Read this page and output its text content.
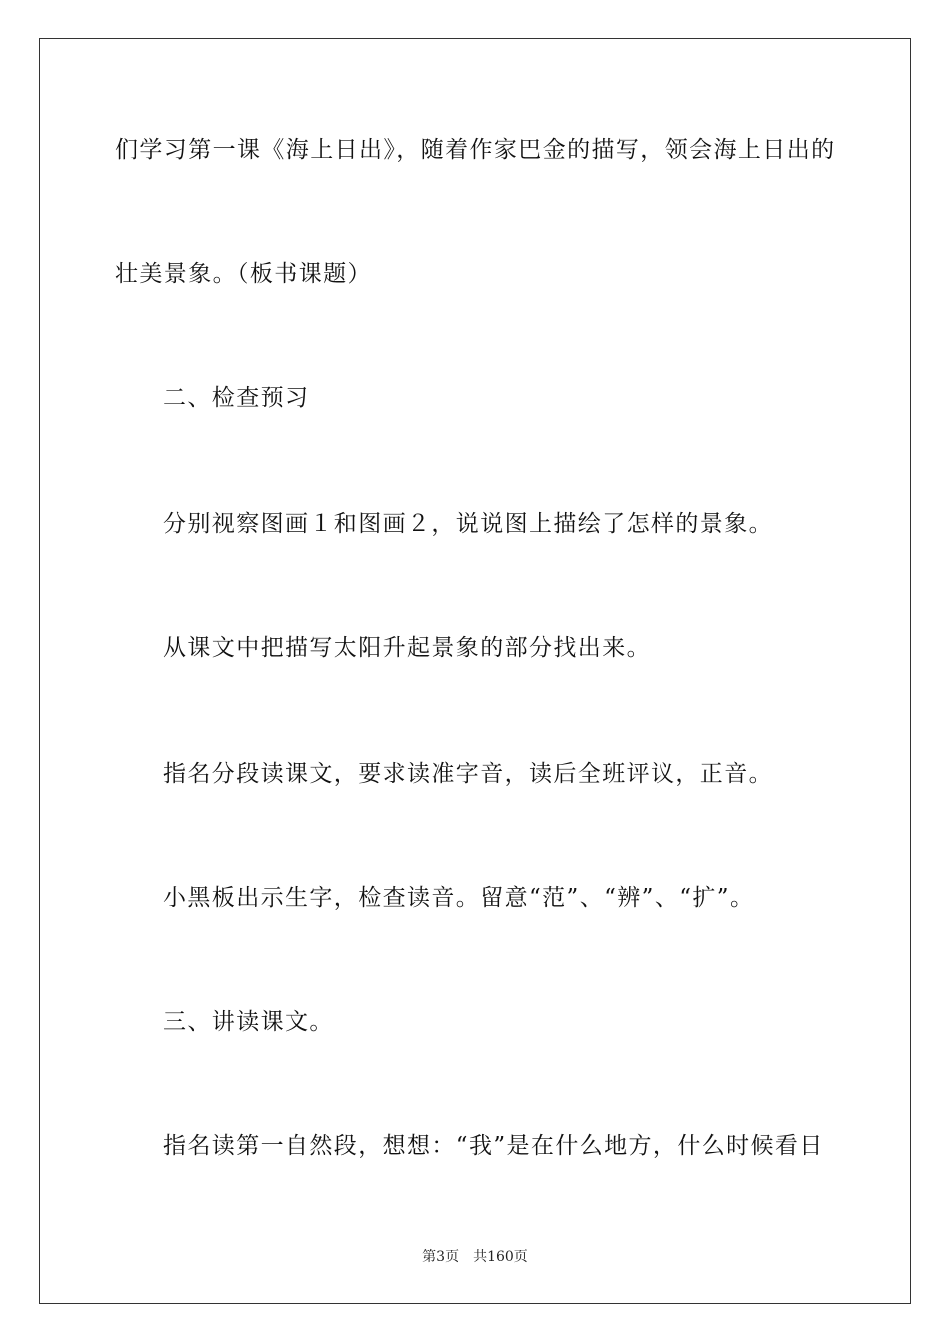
们学习第一课《海上日出》，随着作家巴金的描写，领会海上日出的
壮美景象。（板书课题）
二、检查预习
分别视察图画１和图画２，说说图上描绘了怎样的景象。
从课文中把描写太阳升起景象的部分找出来。
指名分段读课文，要求读准字音，读后全班评议，正音。
小黑板出示生字，检查读音。留意“范”、“辨”、“扩”。
三、讲读课文。
指名读第一自然段，想想：“我”是在什么地方，什么时候看日
第3页　共160页
